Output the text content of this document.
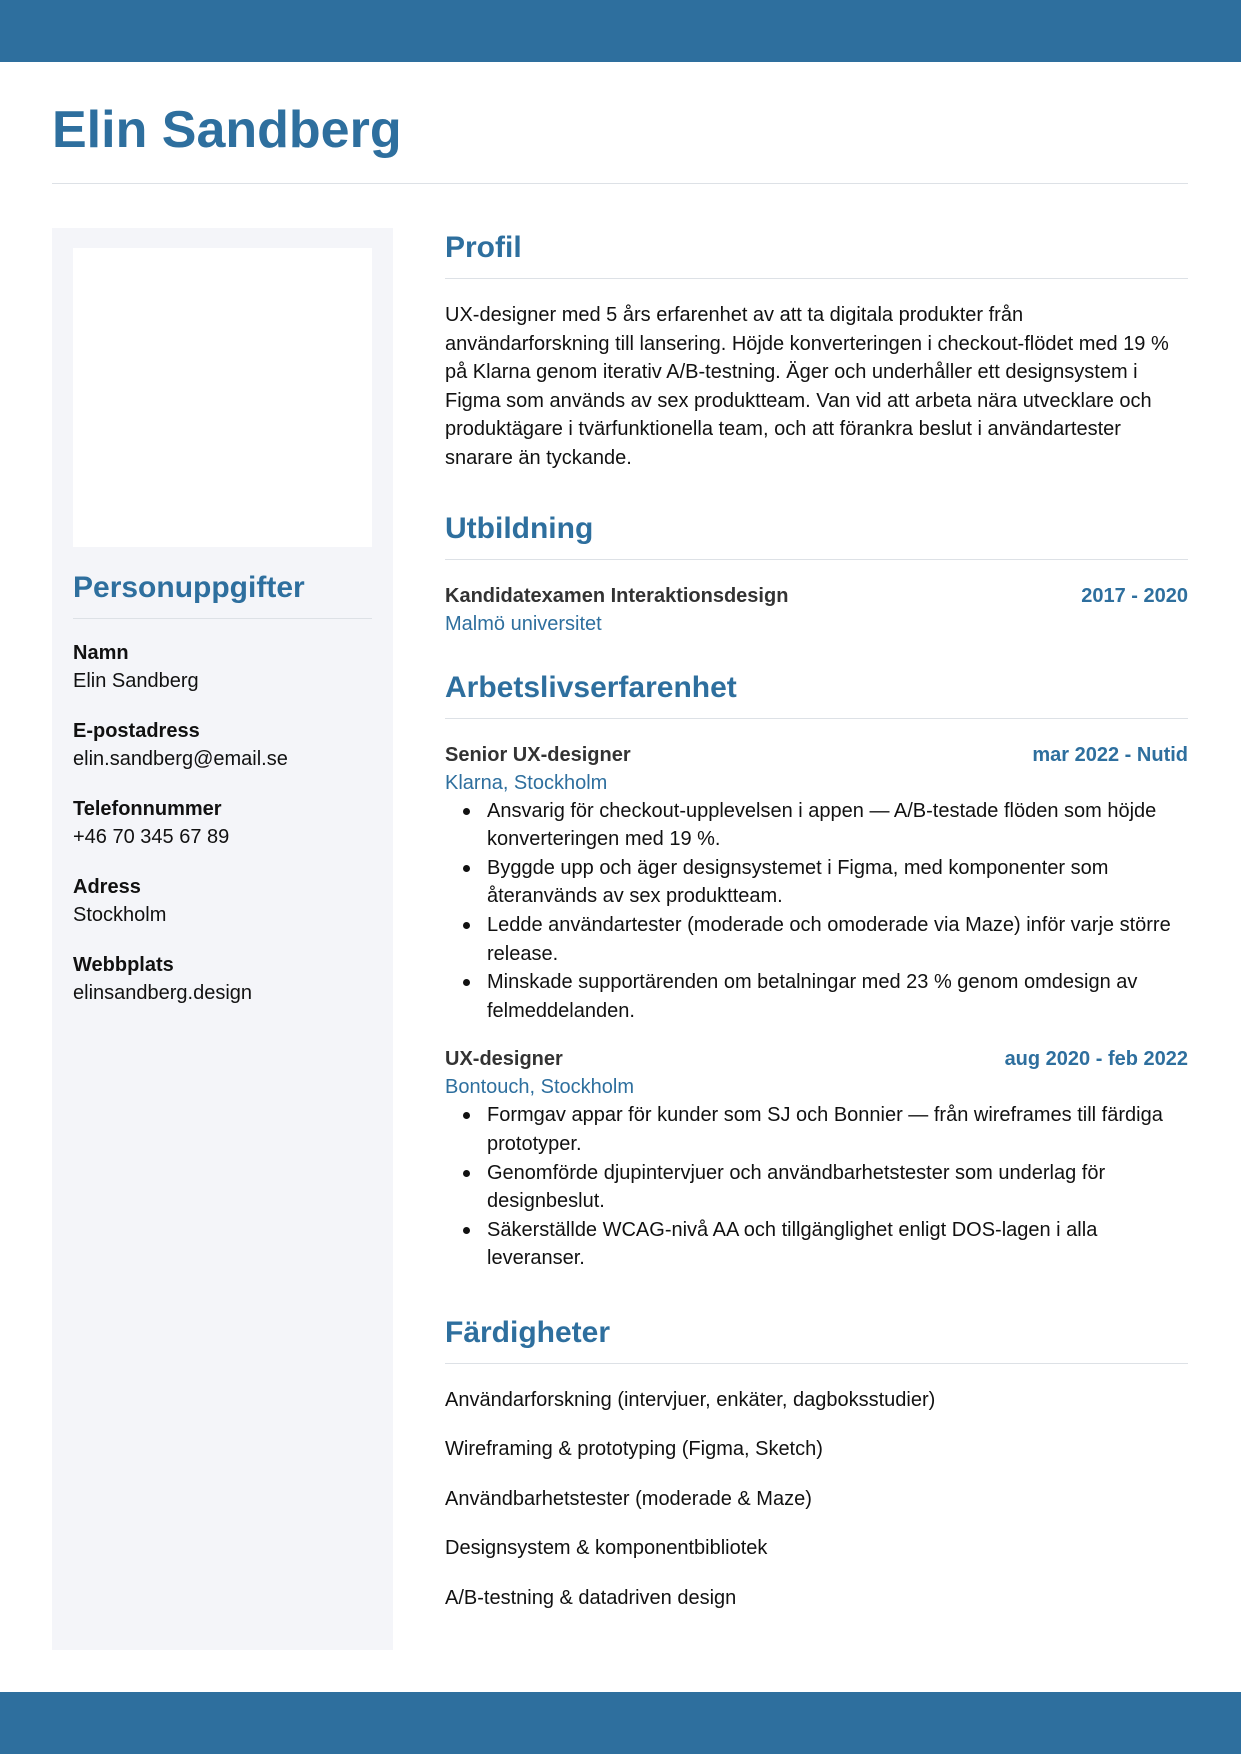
Elin Sandberg
Personuppgifter
Namn
Elin Sandberg
E-postadress
elin.sandberg@email.se
Telefonnummer
+46 70 345 67 89
Adress
Stockholm
Webbplats
elinsandberg.design
Profil

UX-designer med 5 års erfarenhet av att ta digitala produkter från användarforskning till lansering. Höjde konverteringen i checkout-flödet med 19 % på Klarna genom iterativ A/B-testning. Äger och underhåller ett designsystem i Figma som används av sex produktteam. Van vid att arbeta nära utvecklare och produktägare i tvärfunktionella team, och att förankra beslut i användartester snarare än tyckande.

Utbildning
Kandidatexamen Interaktionsdesign	2017 - 2020
Malmö universitet
Arbetslivserfarenhet
Senior UX-designer	mar 2022 - Nutid
Klarna, Stockholm
Ansvarig för checkout-upplevelsen i appen — A/B-testade flöden som höjde konverteringen med 19 %.
Byggde upp och äger designsystemet i Figma, med komponenter som återanvänds av sex produktteam.
Ledde användartester (moderade och omoderade via Maze) inför varje större release.
Minskade supportärenden om betalningar med 23 % genom omdesign av felmeddelanden.
UX-designer	aug 2020 - feb 2022
Bontouch, Stockholm
Formgav appar för kunder som SJ och Bonnier — från wireframes till färdiga prototyper.
Genomförde djupintervjuer och användbarhetstester som underlag för designbeslut.
Säkerställde WCAG-nivå AA och tillgänglighet enligt DOS-lagen i alla leveranser.
Färdigheter
Användarforskning (intervjuer, enkäter, dagboksstudier)
Wireframing & prototyping (Figma, Sketch)
Användbarhetstester (moderade & Maze)
Designsystem & komponentbibliotek
A/B-testning & datadriven design
